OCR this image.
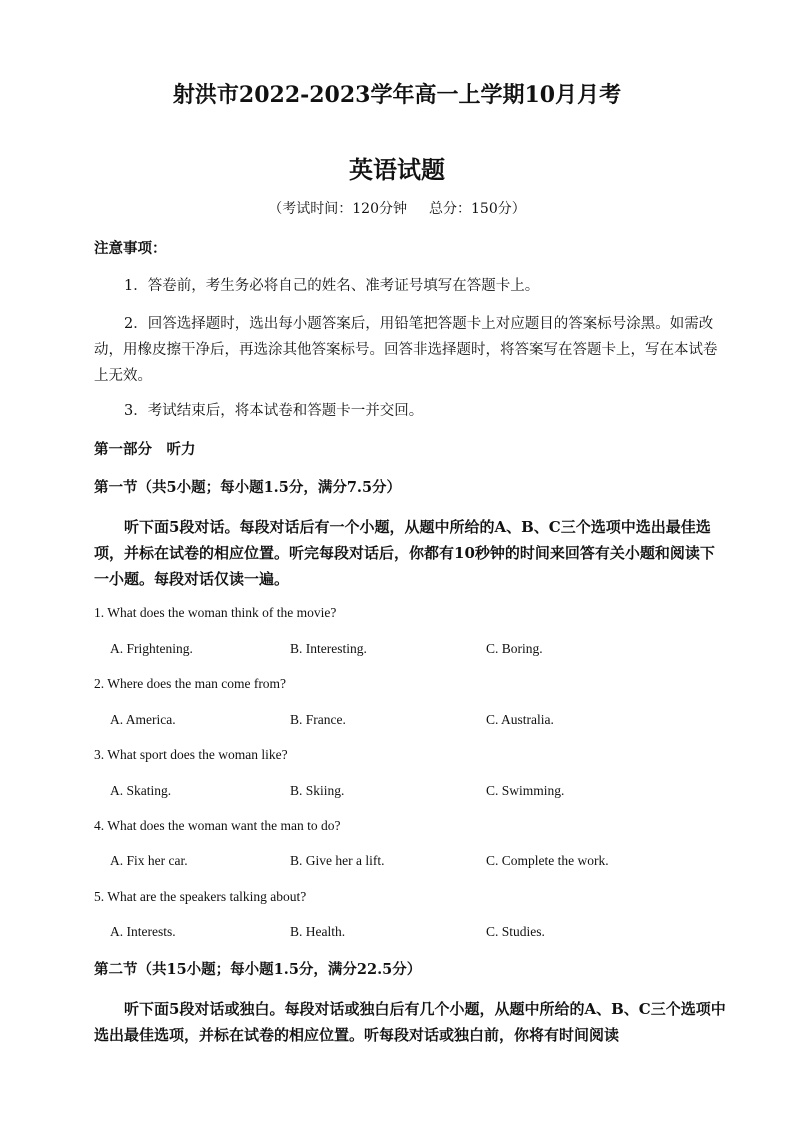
射洪市2022-2023学年高一上学期10月月考
英语试题
（考试时间：120分钟 总分：150分）
注意事项：
1．答卷前，考生务必将自己的姓名、准考证号填写在答题卡上。
2．回答选择题时，选出每小题答案后，用铅笔把答题卡上对应题目的答案标号涂黑。如需改动，用橡皮擦干净后，再选涂其他答案标号。回答非选择题时，将答案写在答题卡上，写在本试卷上无效。
3．考试结束后，将本试卷和答题卡一并交回。
第一部分　听力
第一节（共5小题；每小题1.5分，满分7.5分）
听下面5段对话。每段对话后有一个小题，从题中所给的A、B、C三个选项中选出最佳选项，并标在试卷的相应位置。听完每段对话后，你都有10秒钟的时间来回答有关小题和阅读下一小题。每段对话仅读一遍。
1. What does the woman think of the movie?
A. Frightening.	B. Interesting.	C. Boring.
2. Where does the man come from?
A. America.	B. France.	C. Australia.
3. What sport does the woman like?
A. Skating.	B. Skiing.	C. Swimming.
4. What does the woman want the man to do?
A. Fix her car.	B. Give her a lift.	C. Complete the work.
5. What are the speakers talking about?
A. Interests.	B. Health.	C. Studies.
第二节（共15小题；每小题1.5分，满分22.5分）
听下面5段对话或独白。每段对话或独白后有几个小题，从题中所给的A、B、C三个选项中选出最佳选项，并标在试卷的相应位置。听每段对话或独白前，你将有时间阅读
